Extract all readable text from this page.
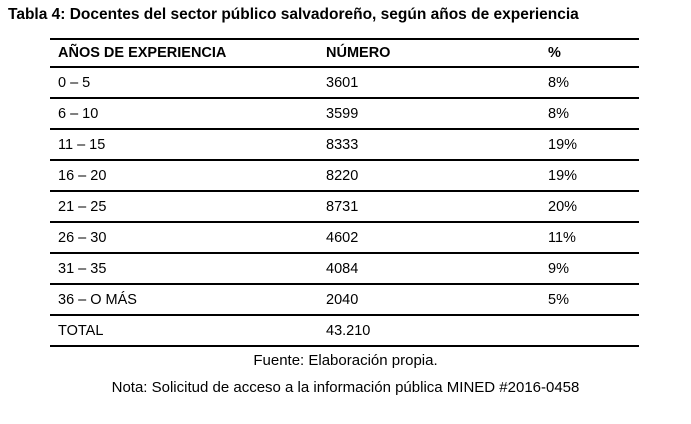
Tabla 4: Docentes del sector público salvadoreño, según años de experiencia
AÑOS DE EXPERIENCIA	NÚMERO	%
0 – 5	3601	8%
6 – 10	3599	8%
11 – 15	8333	19%
16 – 20	8220	19%
21 – 25	8731	20%
26 – 30	4602	11%
31 – 35	4084	9%
36 – O MÁS	2040	5%
TOTAL	43.210	
Fuente: Elaboración propia.
Nota: Solicitud de acceso a la información pública MINED #2016-0458
